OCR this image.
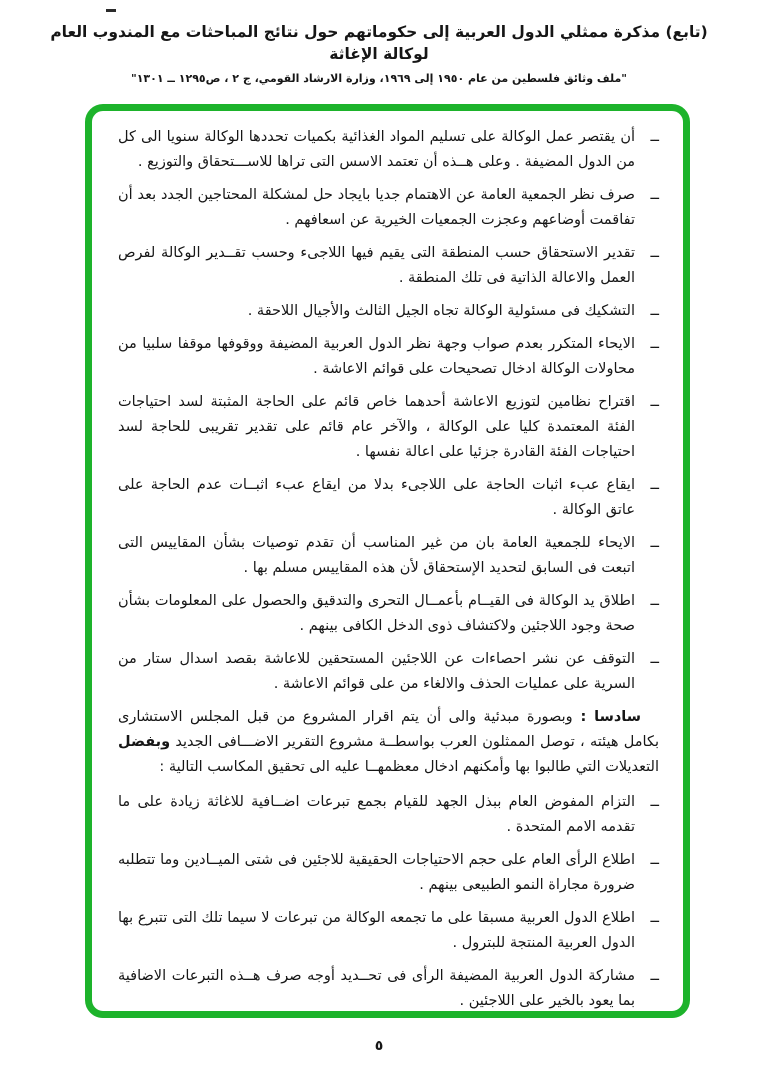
(تابع) مذكرة ممثلي الدول العربية إلى حكوماتهم حول نتائج المباحثات مع المندوب العام لوكالة الإغاثة
"ملف وثائق فلسطين من عام ١٩٥٠ إلى ١٩٦٩، وزارة الارشاد القومي، ج ٢ ، ص١٢٩٥ ــ ١٣٠١"
ــ
أن يقتصر عمل الوكالة على تسليم المواد الغذائية بكميات تحددها الوكالة سنويا الى كل من الدول المضيفة . وعلى هــذه أن تعتمد الاسس التى تراها للاســـتحقاق والتوزيع .
ــ
صرف نظر الجمعية العامة عن الاهتمام جديا بايجاد حل لمشكلة المحتاجين الجدد بعد أن تفاقمت أوضاعهم وعجزت الجمعيات الخيرية عن اسعافهم .
ــ
تقدير الاستحقاق حسب المنطقة التى يقيم فيها اللاجىء وحسب تقــدير الوكالة لفرص العمل والاعالة الذاتية فى تلك المنطقة .
ــ
التشكيك فى مسئولية الوكالة تجاه الجيل الثالث والأجيال اللاحقة .
ــ
الايحاء المتكرر بعدم صواب وجهة نظر الدول العربية المضيفة ووقوفها موقفا سلبيا من محاولات الوكالة ادخال تصحيحات على قوائم الاعاشة .
ــ
اقتراح نظامين لتوزيع الاعاشة أحدهما خاص قائم على الحاجة المثبتة لسد احتياجات الفئة المعتمدة كليا على الوكالة ، والآخر عام قائم على تقدير تقريبى للحاجة لسد احتياجات الفئة القادرة جزئيا على اعالة نفسها .
ــ
ايقاع عبء اثبات الحاجة على اللاجىء بدلا من ايقاع عبء اثبــات عدم الحاجة على عاتق الوكالة .
ــ
الايحاء للجمعية العامة بان من غير المناسب أن تقدم توصيات بشأن المقاييس التى اتبعت فى السابق لتحديد الإستحقاق لأن هذه المقاييس مسلم بها .
ــ
اطلاق يد الوكالة فى القيــام بأعمــال التحرى والتدقيق والحصول على المعلومات بشأن صحة وجود اللاجئين ولاكتشاف ذوى الدخل الكافى بينهم .
ــ
التوقف عن نشر احصاءات عن اللاجئين المستحقين للاعاشة بقصد اسدال ستار من السرية على عمليات الحذف والالغاء من على قوائم الاعاشة .

سادسا : وبصورة مبدئية والى أن يتم اقرار المشروع من قبل المجلس الاستشارى بكامل هيئته ، توصل الممثلون العرب بواسطــة مشروع التقرير الاضـــافى الجديد وبفضل التعديلات التي طالبوا بها وأمكنهم ادخال معظمهــا عليه الى تحقيق المكاسب التالية :

ــ
التزام المفوض العام ببذل الجهد للقيام بجمع تبرعات اضــافية للاغاثة زيادة على ما تقدمه الامم المتحدة .
ــ
اطلاع الرأى العام على حجم الاحتياجات الحقيقية للاجئين فى شتى الميــادين وما تتطلبه ضرورة مجاراة النمو الطبيعى بينهم .
ــ
اطلاع الدول العربية مسبقا على ما تجمعه الوكالة من تبرعات لا سيما تلك التى تتبرع بها الدول العربية المنتجة للبترول .
ــ
مشاركة الدول العربية المضيفة الرأى فى تحــديد أوجه صرف هــذه التبرعات الاضافية بما يعود بالخير على اللاجئين .
٥
